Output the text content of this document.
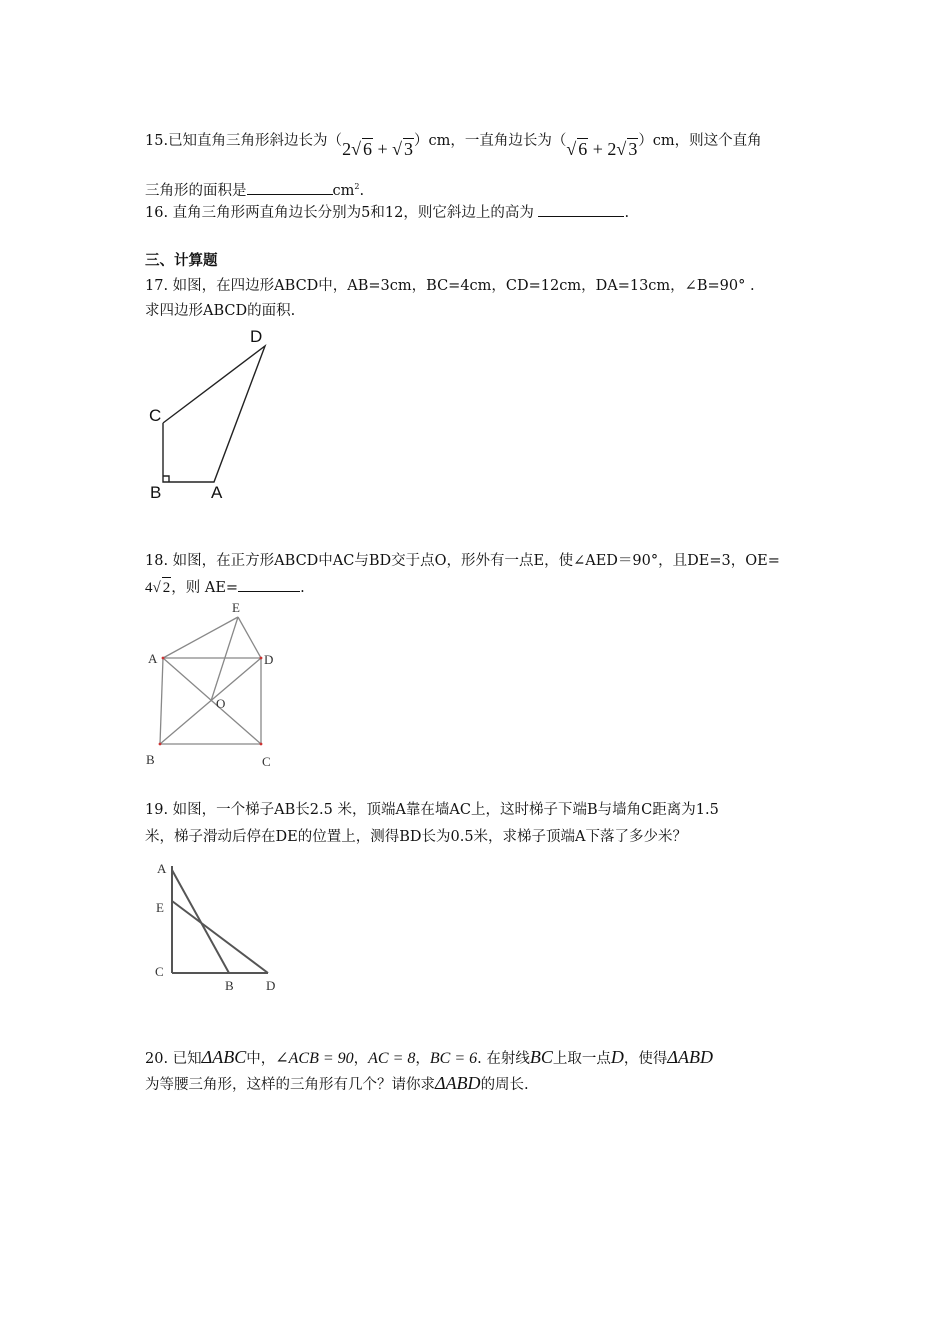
15.已知直角三角形斜边长为（2√ 6 + √ 3）cm，一直角边长为（√ 6 + 2√ 3）cm，则这个直角
三角形的面积是	$cm^2$.
16. 直角三角形两直角边长分别为5和12，则它斜边上的高为	.
三、计算题
17. 如图，在四边形ABCD中，AB=3cm，BC=4cm，CD=12cm，DA=13cm，∠B=90° .
求四边形ABCD的面积.
D
C
B	A
18. 如图，在正方形ABCD中AC与BD交于点O，形外有一点E，使∠AED＝90°，且DE=3，OE=
4√ 2，则 AE=	.
E
A	D
O
B	C
19. 如图，一个梯子AB长2.5 米，顶端A靠在墙AC上，这时梯子下端B与墙角C距离为1.5
米，梯子滑动后停在DE的位置上，测得BD长为0.5米，求梯子顶端A下落了多少米？
A
E
C
B D
20. 已知ΔABC中，∠ACB = 90，AC = 8，BC = 6. 在射线BC上取一点D，使得ΔABD
为等腰三角形，这样的三角形有几个？请你求ΔABD的周长.
